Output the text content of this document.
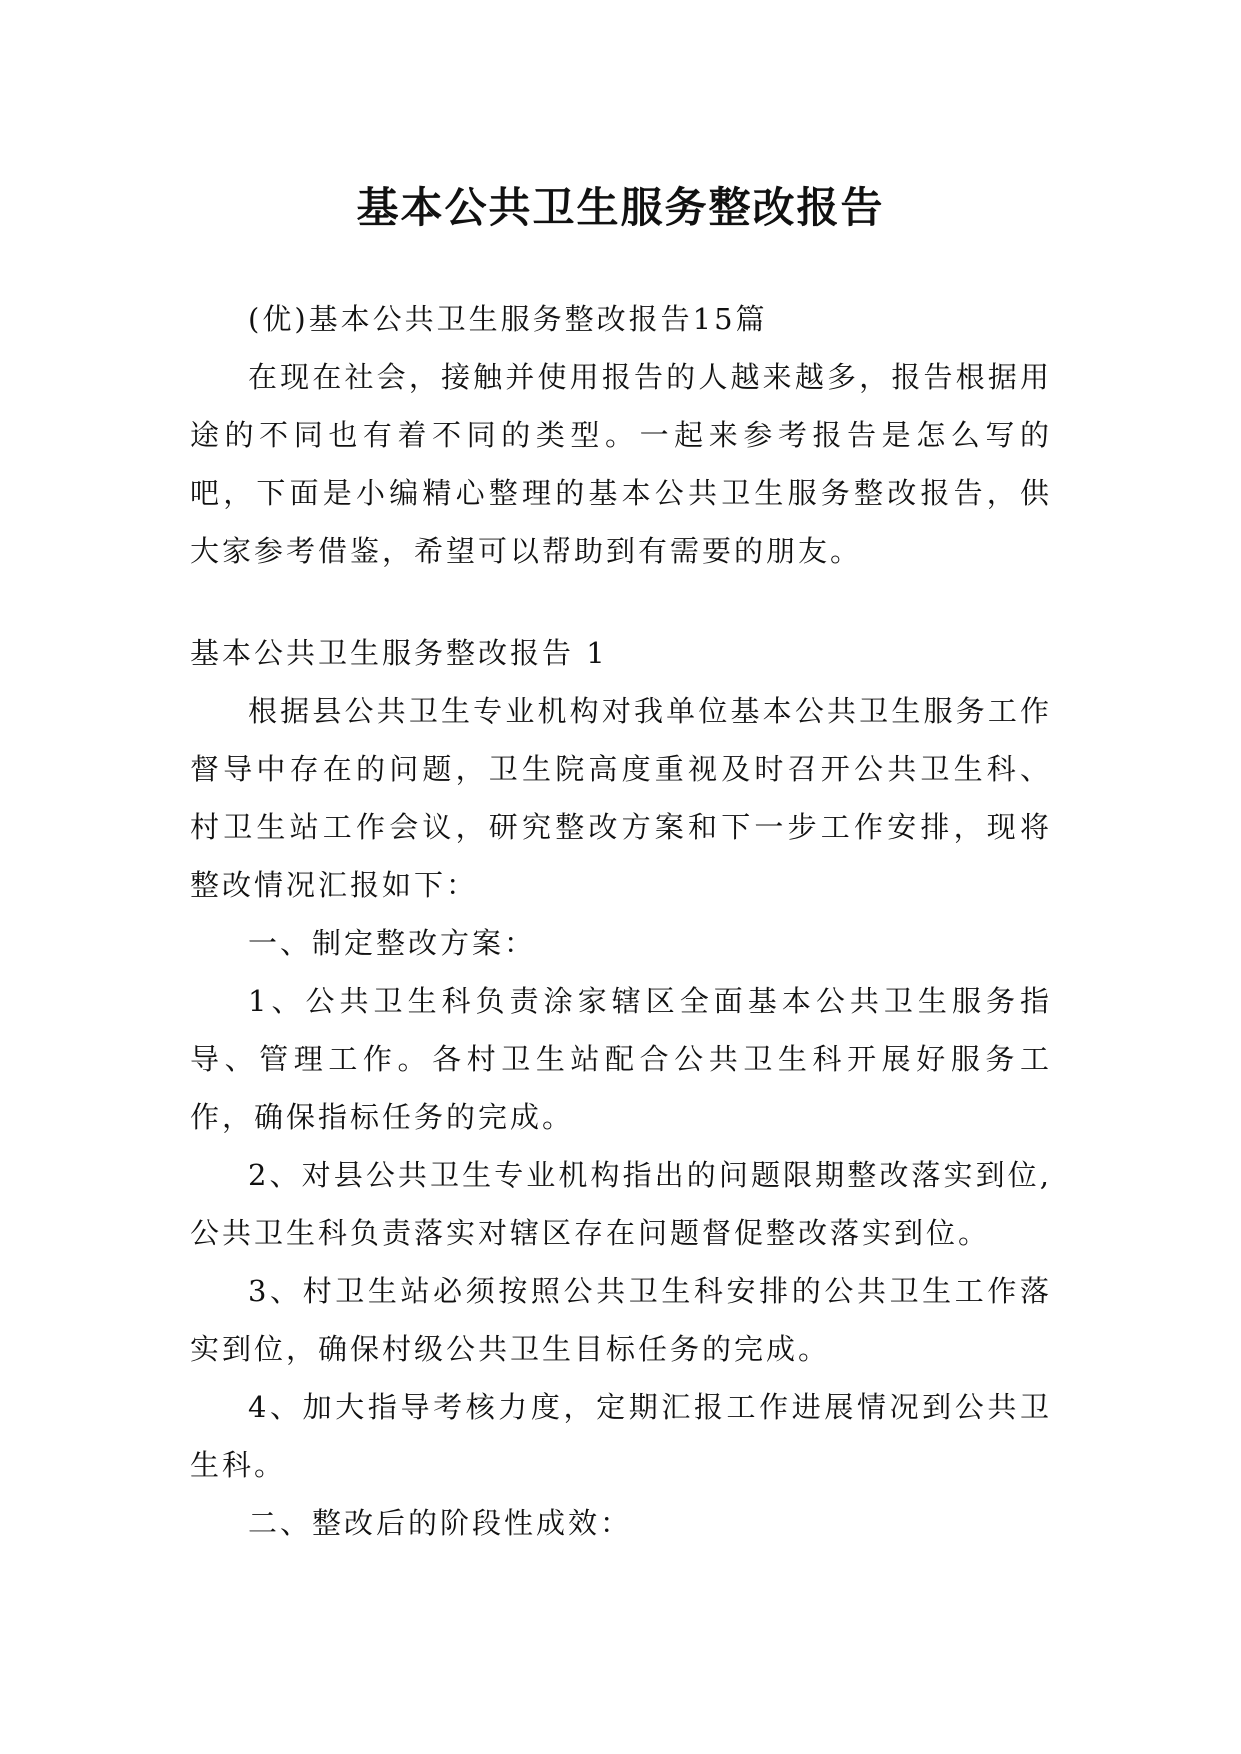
基本公共卫生服务整改报告

(优)基本公共卫生服务整改报告15篇

在现在社会，接触并使用报告的人越来越多，报告根据用途的不同也有着不同的类型。一起来参考报告是怎么写的吧，下面是小编精心整理的基本公共卫生服务整改报告，供大家参考借鉴，希望可以帮助到有需要的朋友。

基本公共卫生服务整改报告 1

根据县公共卫生专业机构对我单位基本公共卫生服务工作督导中存在的问题，卫生院高度重视及时召开公共卫生科、村卫生站工作会议，研究整改方案和下一步工作安排，现将整改情况汇报如下：

一、制定整改方案：

1、公共卫生科负责涂家辖区全面基本公共卫生服务指导、管理工作。各村卫生站配合公共卫生科开展好服务工作，确保指标任务的完成。

2、对县公共卫生专业机构指出的问题限期整改落实到位,公共卫生科负责落实对辖区存在问题督促整改落实到位。

3、村卫生站必须按照公共卫生科安排的公共卫生工作落实到位，确保村级公共卫生目标任务的完成。

4、加大指导考核力度，定期汇报工作进展情况到公共卫生科。

二、整改后的阶段性成效：
